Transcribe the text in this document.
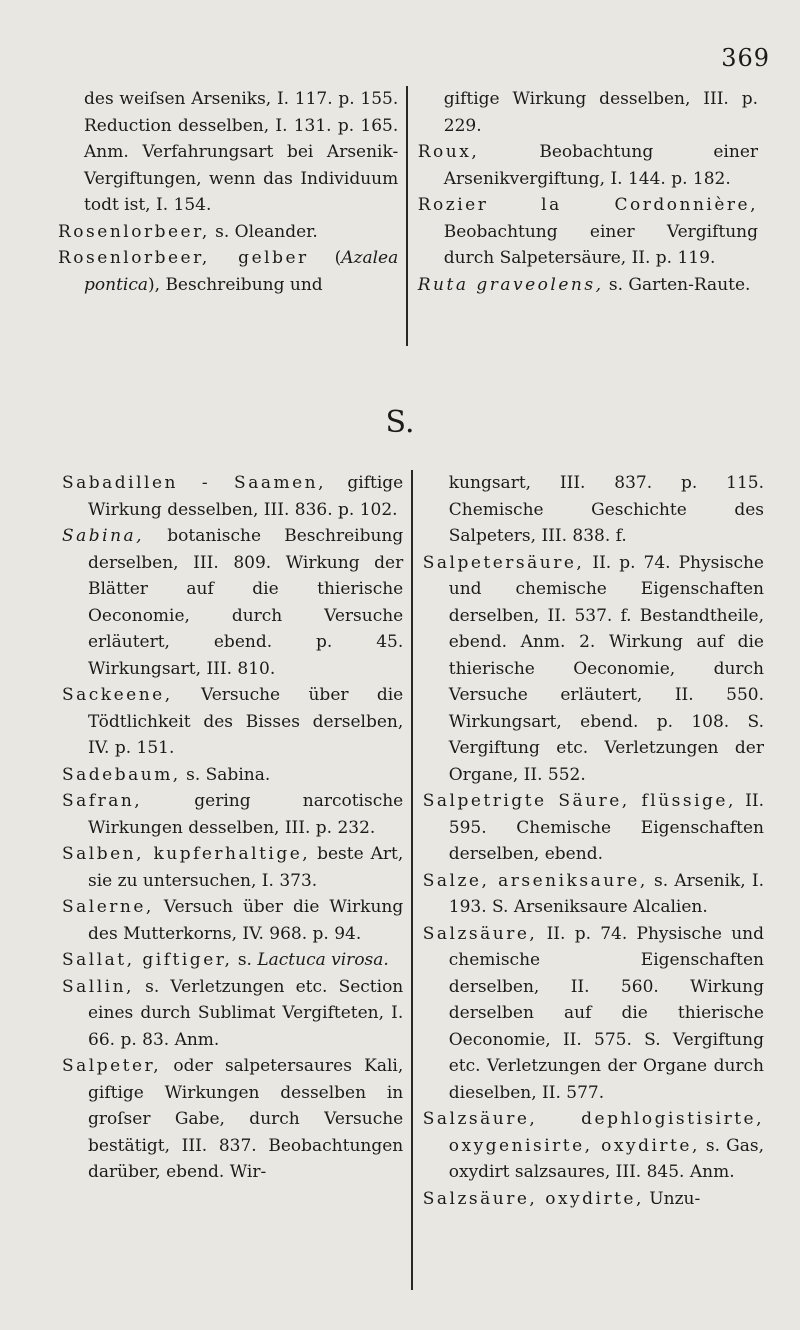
369
des weiſsen Arseniks, I. 117. p. 155. Reduction desselben, I. 131. p. 165. Anm. Verfahrungsart bei Arsenik-Vergiftungen, wenn das Individuum todt ist, I. 154.
Rosenlorbeer, s. Oleander.
Rosenlorbeer, gelber (Azalea pontica), Beschreibung und
giftige Wirkung desselben, III. p. 229.
Roux, Beobachtung einer Arsenikvergiftung, I. 144. p. 182.
Rozier la Cordonnière, Beobachtung einer Vergiftung durch Salpetersäure, II. p. 119.
Ruta graveolens, s. Garten-Raute.
S.
Sabadillen - Saamen, giftige Wirkung desselben, III. 836. p. 102.
Sabina, botanische Beschreibung derselben, III. 809. Wirkung der Blätter auf die thierische Oeconomie, durch Versuche erläutert, ebend. p. 45. Wirkungsart, III. 810.
Sackeene, Versuche über die Tödtlichkeit des Bisses derselben, IV. p. 151.
Sadebaum, s. Sabina.
Safran, gering narcotische Wirkungen desselben, III. p. 232.
Salben, kupferhaltige, beste Art, sie zu untersuchen, I. 373.
Salerne, Versuch über die Wirkung des Mutterkorns, IV. 968. p. 94.
Sallat, giftiger, s. Lactuca virosa.
Sallin, s. Verletzungen etc. Section eines durch Sublimat Vergifteten, I. 66. p. 83. Anm.
Salpeter, oder salpetersaures Kali, giftige Wirkungen desselben in groſser Gabe, durch Versuche bestätigt, III. 837. Beobachtungen darüber, ebend. Wir-
kungsart, III. 837. p. 115. Chemische Geschichte des Salpeters, III. 838. f.
Salpetersäure, II. p. 74. Physische und chemische Eigenschaften derselben, II. 537. f. Bestandtheile, ebend. Anm. 2. Wirkung auf die thierische Oeconomie, durch Versuche erläutert, II. 550. Wirkungsart, ebend. p. 108. S. Vergiftung etc. Verletzungen der Organe, II. 552.
Salpetrigte Säure, flüssige, II. 595. Chemische Eigenschaften derselben, ebend.
Salze, arseniksaure, s. Arsenik, I. 193. S. Arseniksaure Alcalien.
Salzsäure, II. p. 74. Physische und chemische Eigenschaften derselben, II. 560. Wirkung derselben auf die thierische Oeconomie, II. 575. S. Vergiftung etc. Verletzungen der Organe durch dieselben, II. 577.
Salzsäure, dephlogistisirte, oxygenisirte, oxydirte, s. Gas, oxydirt salzsaures, III. 845. Anm.
Salzsäure, oxydirte, Unzu-
